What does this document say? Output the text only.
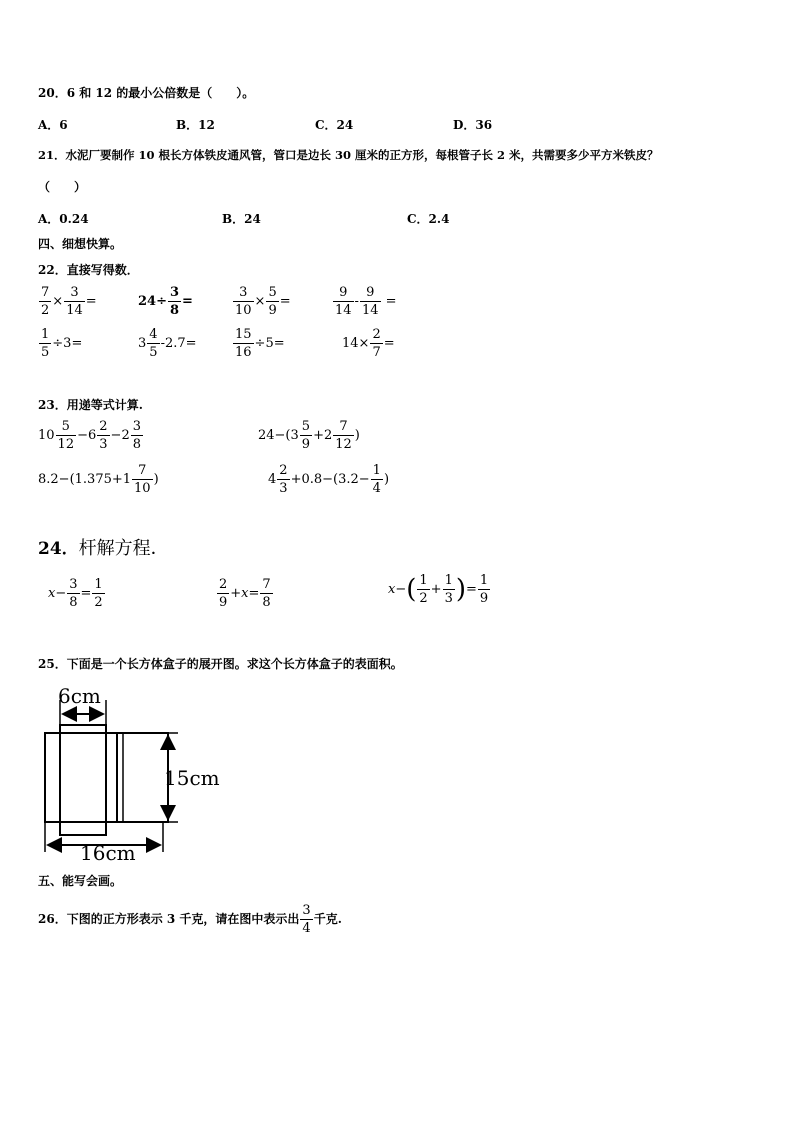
20．6 和 12 的最小公倍数是（　　）。
A．6	B．12	C．24	D．36
21．水泥厂要制作 10 根长方体铁皮通风管，管口是边长 30 厘米的正方形，每根管子长 2 米，共需要多少平方米铁皮？
（　　）
A．0.24	B．24	C．2.4
四、细想快算。
22．直接写得数．
$\frac{7}{2} \times \frac{3}{14}$ =	$24\div \frac{3}{8}$ =	$\frac{3}{10} \times \frac{5}{9}$ =	$\frac{9}{14} - \frac{9}{14}$ =
$\frac{1}{5} \div 3=$	$3 \frac{4}{5} -2.7=$	$\frac{15}{16} \div 5=$	$14\times \frac{2}{7}$ =
23．用递等式计算.
$10 \frac{5}{12} -6 \frac{2}{3} -2 \frac{3}{8}$	$24-(3 \frac{5}{9} +2 \frac{7}{12}$ )
$8.2-(1.375+1 \frac{7}{10}$ )	$4 \frac{2}{3} +0.8-(3.2- \frac{1}{4}$ )
24．杆解方程．
$x- \frac{3}{8} = \frac{1}{2}$	$\frac{2}{9} +x= \frac{7}{8}$	$x-( \frac{1}{2} + \frac{1}{3}$ )= $\frac{1}{9}$
25．下面是一个长方体盒子的展开图。求这个长方体盒子的表面积。
6cm
15cm
16cm
五、能写会画。
26．下图的正方形表示 3 千克，请在图中表示出 $\frac{3}{4}$ 千克.
